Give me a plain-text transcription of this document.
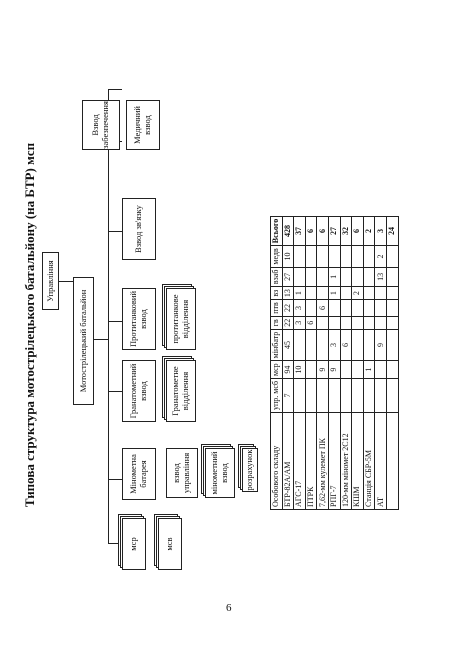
Типова структура мотострілецького батальйону (на БТР) мсп Управління
Мотострілецький батальйон
мср	мсв
Мінометна батарея	взвод управління	мінометний взвод	розрахунок
Гранатометний взвод	Гранатометне відділення
Протитанковий взвод	протитанкове відділення
Взвод зв'язку
Взвод забезпечення	Медичний взвод
Особового складу	упр. мсб	мср	мінбатр	гв	птв	вз	взаб	медв	Всього
БТР-82А/АМ	7	94	45	22	22	13	27	10	428
АГС-17		10		3	3	1			37
ПТРК				6					6
7,62-мм кулемет ПК		9			6				6
РПГ-7		9	3			1	1		27
120-мм міномет 2С12			6						32
КШМ						2			6
Станція СБР-5М		1							2
АТ			9				13	2	3
									24
6
